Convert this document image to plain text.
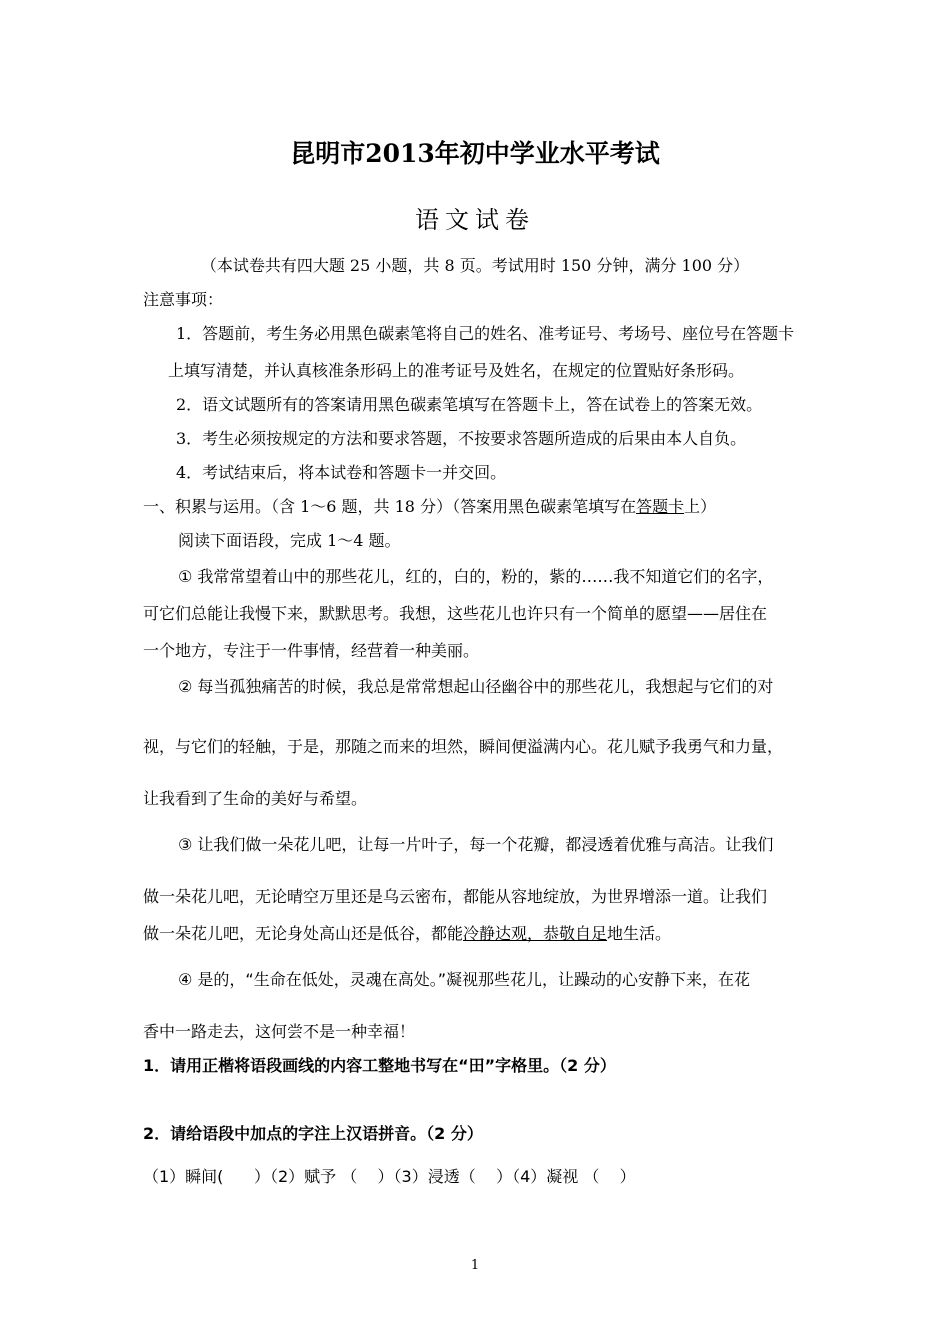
昆明市2013年初中学业水平考试
语文试卷
（本试卷共有四大题 25 小题，共 8 页。考试用时 150 分钟，满分 100 分）
注意事项：
1．答题前，考生务必用黑色碳素笔将自己的姓名、准考证号、考场号、座位号在答题卡
上填写清楚，并认真核准条形码上的准考证号及姓名，在规定的位置贴好条形码。
2．语文试题所有的答案请用黑色碳素笔填写在答题卡上，答在试卷上的答案无效。
3．考生必须按规定的方法和要求答题，不按要求答题所造成的后果由本人自负。
4．考试结束后，将本试卷和答题卡一并交回。
一、积累与运用。（含 1～6 题，共 18 分）（答案用黑色碳素笔填写在答题卡上）
阅读下面语段，完成 1～4 题。
① 我常常望着山中的那些花儿，红的，白的，粉的，紫的……我不知道它们的名字，
可它们总能让我慢下来，默默思考。我想，这些花儿也许只有一个简单的愿望——居住在
一个地方，专注于一件事情，经营着一种美丽。
② 每当孤独痛苦的时候，我总是常常想起山径幽谷中的那些花儿，我想起与它们的对
视，与它们的轻触，于是，那随之而来的坦然，瞬间便溢满内心。花儿赋予我勇气和力量，
让我看到了生命的美好与希望。
③ 让我们做一朵花儿吧，让每一片叶子，每一个花瓣，都浸透着优雅与高洁。让我们
做一朵花儿吧，无论晴空万里还是乌云密布，都能从容地绽放，为世界增添一道。让我们
做一朵花儿吧，无论身处高山还是低谷，都能冷静达观，恭敬自足地生活。
④ 是的，“生命在低处，灵魂在高处。”凝视那些花儿，让躁动的心安静下来，在花
香中一路走去，这何尝不是一种幸福！
1．请用正楷将语段画线的内容工整地书写在“田”字格里。（2 分）
2．请给语段中加点的字注上汉语拼音。（2 分）
（1）瞬间(      ）（2）赋予 （    ）（3）浸透（    ）（4）凝视 （    ）
1
